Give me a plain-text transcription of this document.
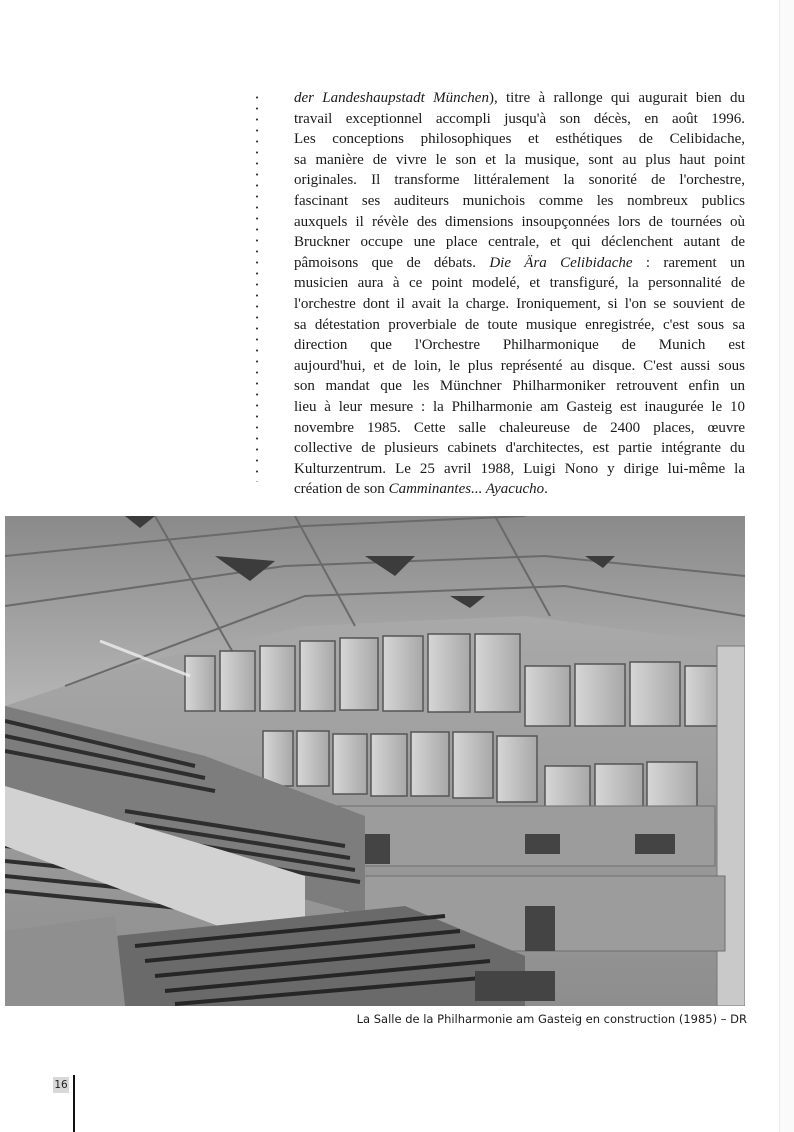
der Landeshaupstadt München), titre à rallonge qui augurait bien du
travail exceptionnel accompli jusqu'à son décès, en août 1996.
Les conceptions philosophiques et esthétiques de Celibidache,
sa manière de vivre le son et la musique, sont au plus haut point
originales. Il transforme littéralement la sonorité de l'orchestre,
fascinant ses auditeurs munichois comme les nombreux publics
auxquels il révèle des dimensions insoupçonnées lors de tournées où
Bruckner occupe une place centrale, et qui déclenchent autant de
pâmoisons que de débats. Die Ära Celibidache : rarement un
musicien aura à ce point modelé, et transfiguré, la personnalité de
l'orchestre dont il avait la charge. Ironiquement, si l'on se souvient de
sa détestation proverbiale de toute musique enregistrée, c'est sous sa
direction que l'Orchestre Philharmonique de Munich est
aujourd'hui, et de loin, le plus représenté au disque. C'est aussi sous
son mandat que les Münchner Philharmoniker retrouvent enfin un
lieu à leur mesure : la Philharmonie am Gasteig est inaugurée le 10
novembre 1985. Cette salle chaleureuse de 2400 places, œuvre
collective de plusieurs cabinets d'architectes, est partie intégrante du
Kulturzentrum. Le 25 avril 1988, Luigi Nono y dirige lui-même la
création de son Camminantes... Ayacucho.
La Salle de la Philharmonie am Gasteig en construction (1985) – DR
16
